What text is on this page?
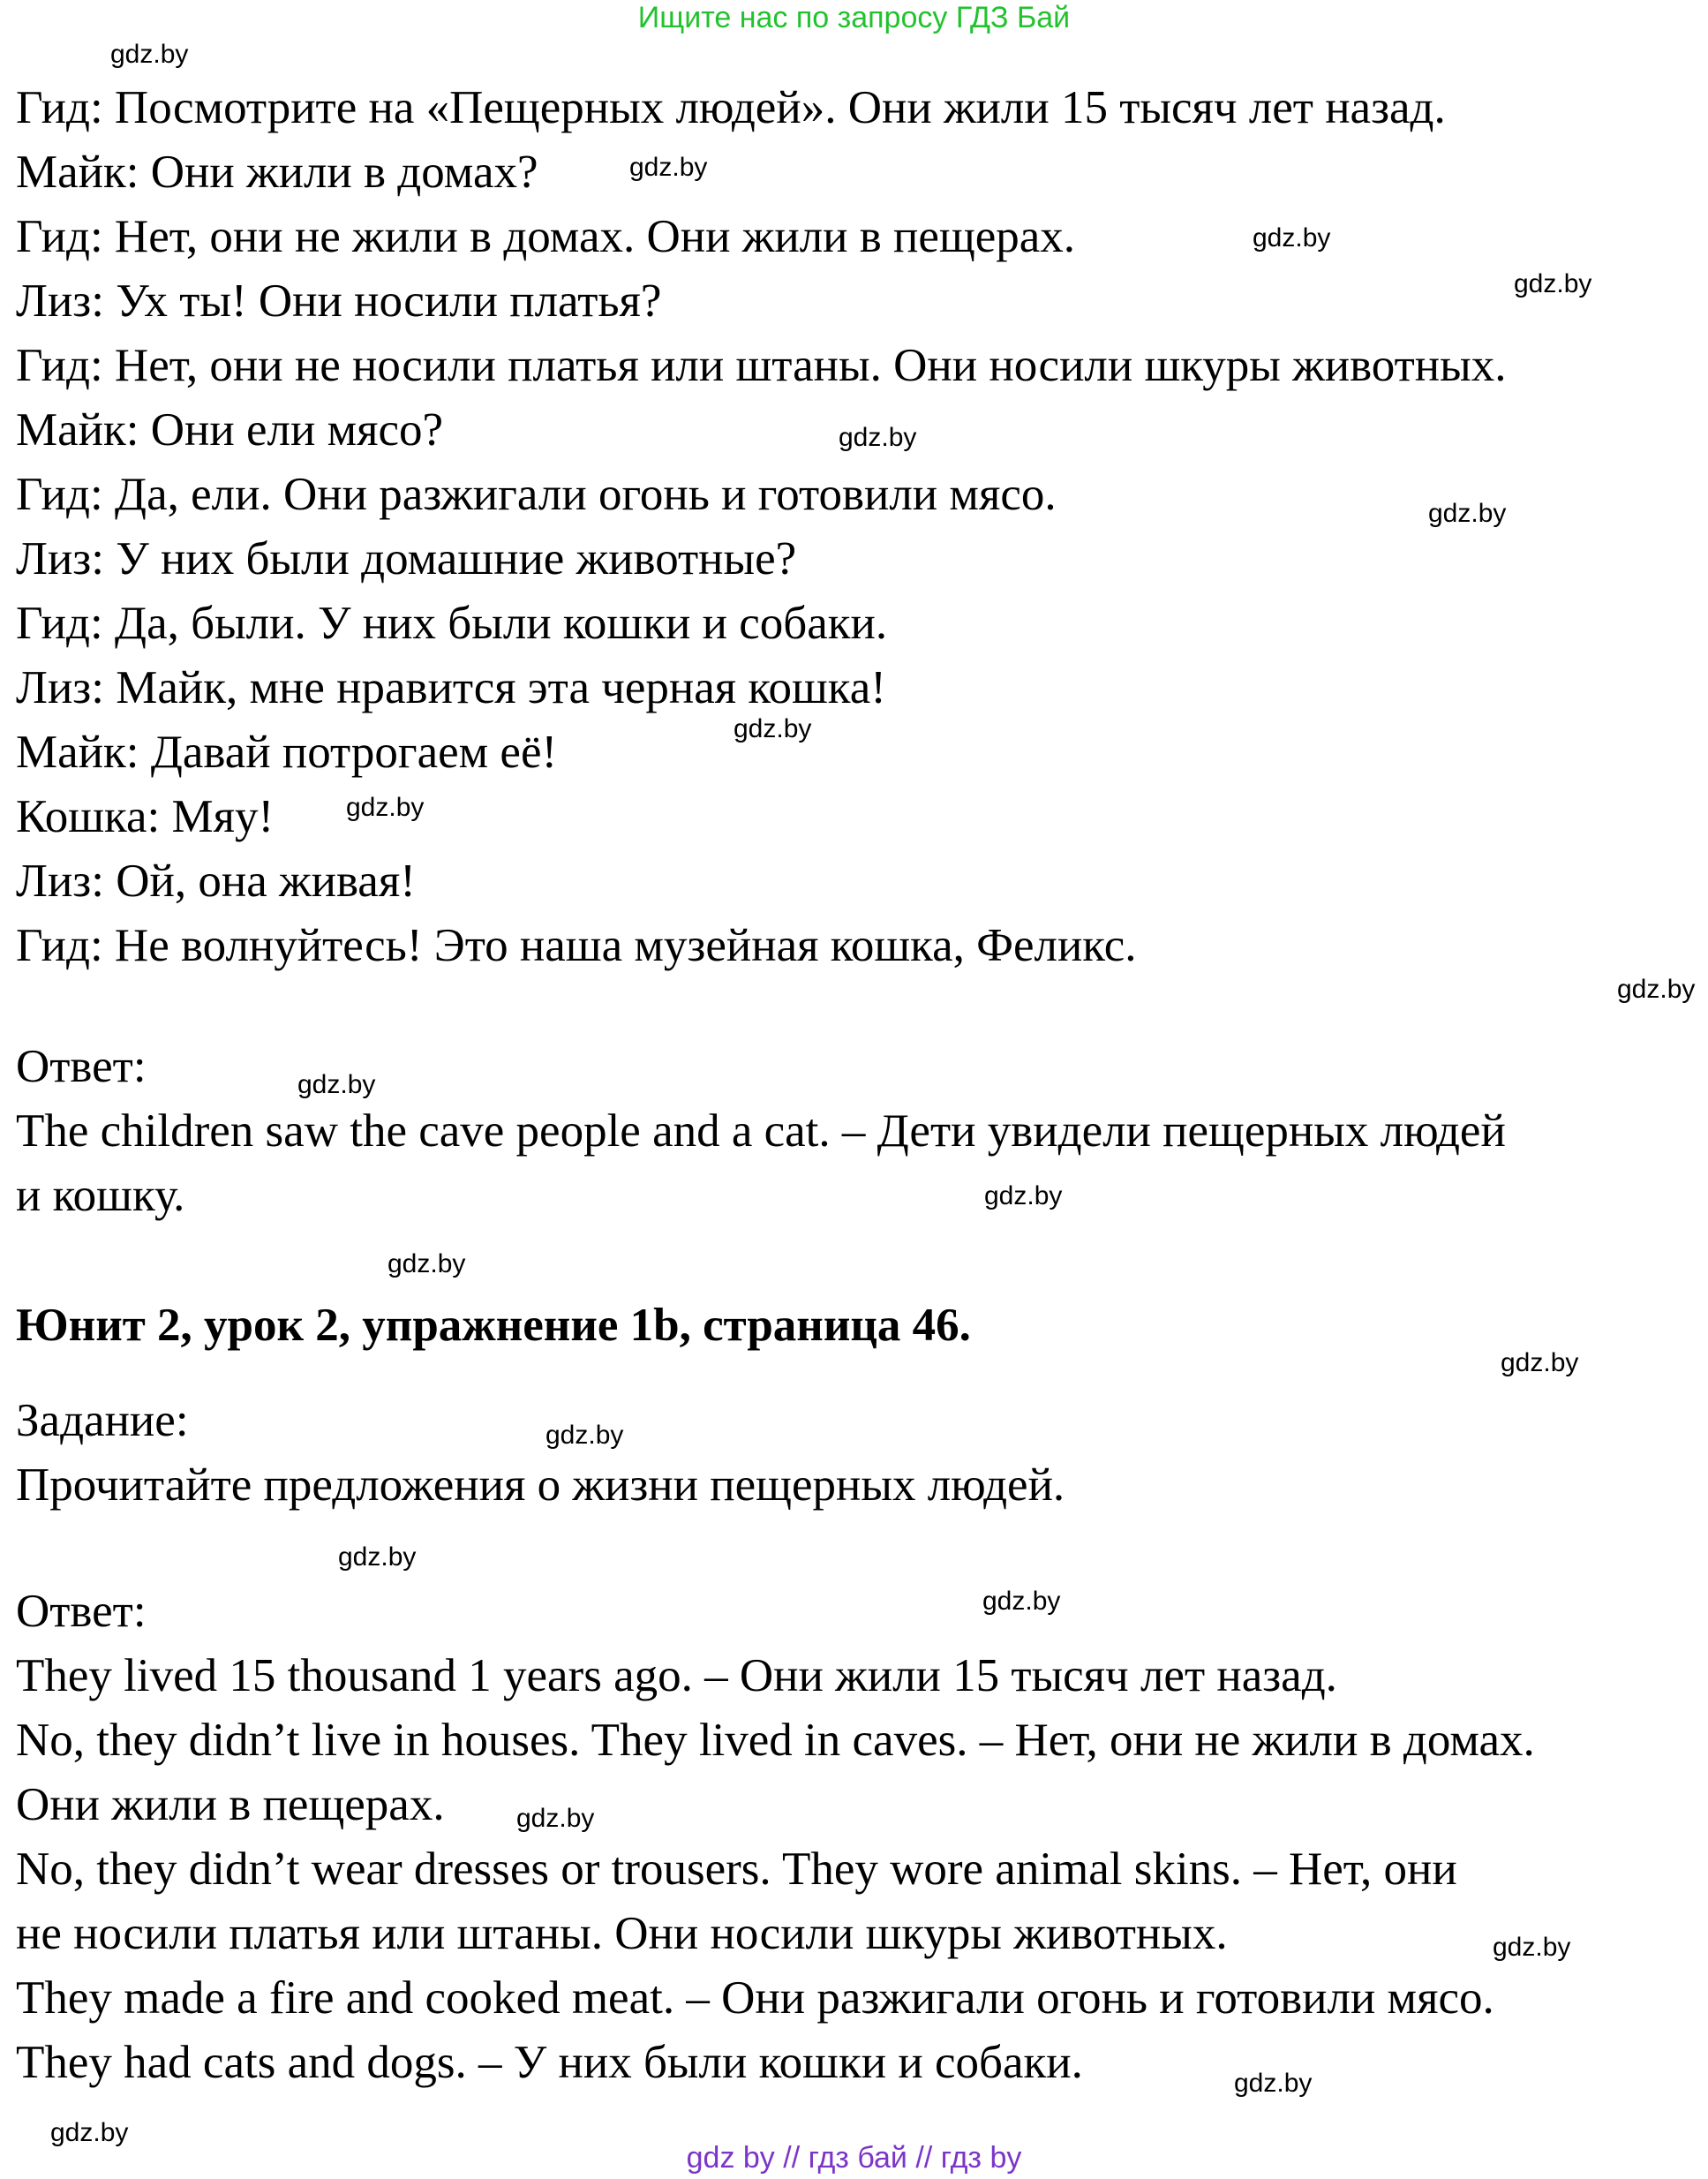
Ищите нас по запросу ГДЗ Бай
Гид: Посмотрите на «Пещерных людей». Они жили 15 тысяч лет назад.
Майк: Они жили в домах?
Гид: Нет, они не жили в домах. Они жили в пещерах.
Лиз: Ух ты! Они носили платья?
Гид: Нет, они не носили платья или штаны. Они носили шкуры животных.
Майк: Они ели мясо?
Гид: Да, ели. Они разжигали огонь и готовили мясо.
Лиз: У них были домашние животные?
Гид: Да, были. У них были кошки и собаки.
Лиз: Майк, мне нравится эта черная кошка!
Майк: Давай потрогаем её!
Кошка: Мяу!
Лиз: Ой, она живая!
Гид: Не волнуйтесь! Это наша музейная кошка, Феликс.
Ответ:
The children saw the cave people and a cat. – Дети увидели пещерных людей
и кошку.
Юнит 2, урок 2, упражнение 1b, страница 46.
Задание:
Прочитайте предложения о жизни пещерных людей.
Ответ:
They lived 15 thousand 1 years ago. – Они жили 15 тысяч лет назад.
No, they didn’t live in houses. They lived in caves. – Нет, они не жили в домах.
Они жили в пещерах.
No, they didn’t wear dresses or trousers. They wore animal skins. – Нет, они
не носили платья или штаны. Они носили шкуры животных.
They made a fire and cooked meat. – Они разжигали огонь и готовили мясо.
They had cats and dogs. – У них были кошки и собаки.
gdz.by
gdz.by
gdz.by
gdz.by
gdz.by
gdz.by
gdz.by
gdz.by
gdz.by
gdz.by
gdz.by
gdz.by
gdz.by
gdz.by
gdz.by
gdz.by
gdz.by
gdz.by
gdz.by
gdz.by
gdz by // гдз бай // гдз by
